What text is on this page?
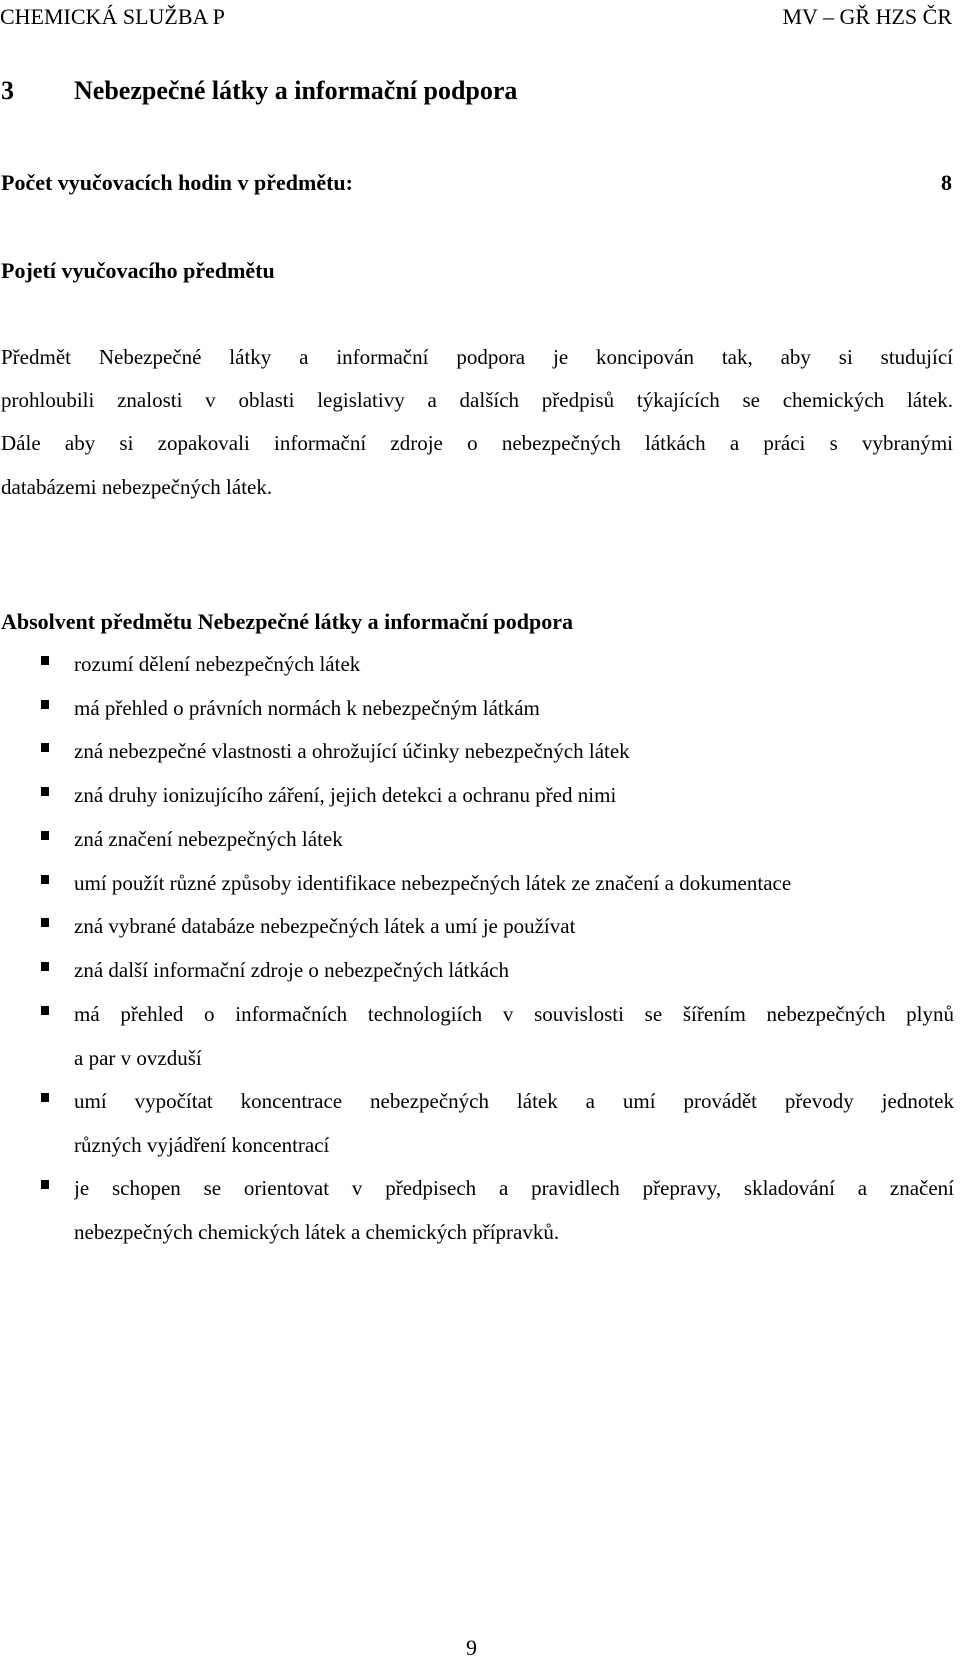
CHEMICKÁ SLUŽBA P	MV – GŘ HZS ČR
3 Nebezpečné látky a informační podpora
Počet vyučovacích hodin v předmětu:	8
Pojetí vyučovacího předmětu
Předmět Nebezpečné látky a informační podpora je koncipován tak, aby si studující
prohloubili znalosti v oblasti legislativy a dalších předpisů týkajících se chemických látek.
Dále aby si zopakovali informační zdroje o nebezpečných látkách a práci s vybranými
databázemi nebezpečných látek.
Absolvent předmětu Nebezpečné látky a informační podpora
rozumí dělení nebezpečných látek
má přehled o právních normách k nebezpečným látkám
zná nebezpečné vlastnosti a ohrožující účinky nebezpečných látek
zná druhy ionizujícího záření, jejich detekci a ochranu před nimi
zná značení nebezpečných látek
umí použít různé způsoby identifikace nebezpečných látek ze značení a dokumentace
zná vybrané databáze nebezpečných látek a umí je používat
zná další informační zdroje o nebezpečných látkách
má přehled o informačních technologiích v souvislosti se šířením nebezpečných plynů
a par v ovzduší
umí vypočítat koncentrace nebezpečných látek a umí provádět převody jednotek
různých vyjádření koncentrací
je schopen se orientovat v předpisech a pravidlech přepravy, skladování a značení
nebezpečných chemických látek a chemických přípravků.
9
